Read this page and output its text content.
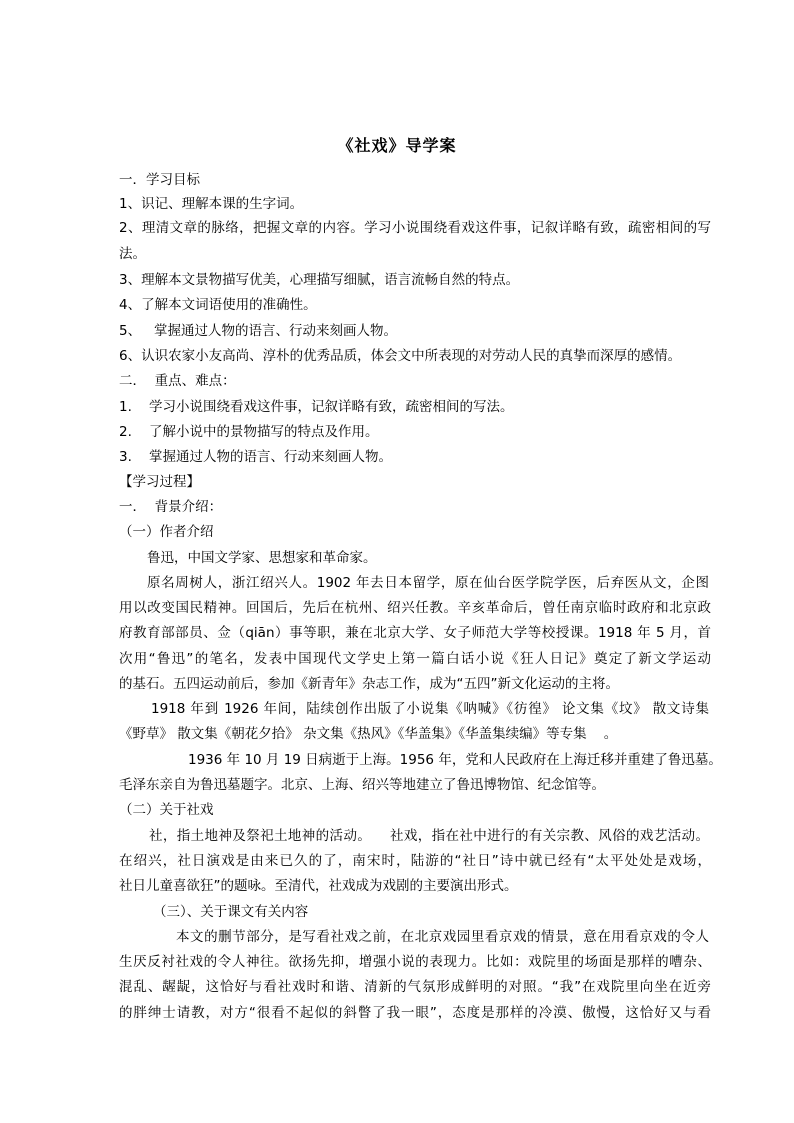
《社戏》导学案
一．学习目标
1、识记、理解本课的生字词。
2、理清文章的脉络，把握文章的内容。学习小说围绕看戏这件事，记叙详略有致，疏密相间的写
法。
3、理解本文景物描写优美，心理描写细腻，语言流畅自然的特点。
4、了解本文词语使用的准确性。
5、   掌握通过人物的语言、行动来刻画人物。
6、认识农家小友高尚、淳朴的优秀品质，体会文中所表现的对劳动人民的真挚而深厚的感情。
二．  重点、难点：
1.    学习小说围绕看戏这件事，记叙详略有致，疏密相间的写法。
2.    了解小说中的景物描写的特点及作用。
3.    掌握通过人物的语言、行动来刻画人物。
【学习过程】
一．  背景介绍：
（一）作者介绍
鲁迅，中国文学家、思想家和革命家。
原名周树人，浙江绍兴人。1902 年去日本留学，原在仙台医学院学医，后弃医从文，企图
用以改变国民精神。回国后，先后在杭州、绍兴任教。辛亥革命后，曾任南京临时政府和北京政
府教育部部员、佥（qiān）事等职，兼在北京大学、女子师范大学等校授课。1918 年 5 月，首
次用“鲁迅”的笔名，发表中国现代文学史上第一篇白话小说《狂人日记》奠定了新文学运动
的基石。五四运动前后，参加《新青年》杂志工作，成为“五四”新文化运动的主将。
1918 年到 1926 年间，陆续创作出版了小说集《呐喊》《彷徨》 论文集《坟》 散文诗集
《野草》 散文集《朝花夕拾》 杂文集《热风》《华盖集》《华盖集续编》等专集    。
1936 年 10 月 19 日病逝于上海。1956 年，党和人民政府在上海迁移并重建了鲁迅墓。
毛泽东亲自为鲁迅墓题字。北京、上海、绍兴等地建立了鲁迅博物馆、纪念馆等。
（二）关于社戏
社，指土地神及祭祀土地神的活动。    社戏，指在社中进行的有关宗教、风俗的戏艺活动。
在绍兴，社日演戏是由来已久的了，南宋时，陆游的“社日”诗中就已经有“太平处处是戏场，
社日儿童喜欲狂”的题咏。至清代，社戏成为戏剧的主要演出形式。
（三）、关于课文有关内容
本文的删节部分，是写看社戏之前，在北京戏园里看京戏的情景，意在用看京戏的令人
生厌反衬社戏的令人神往。欲扬先抑，增强小说的表现力。比如：戏院里的场面是那样的嘈杂、
混乱、龌龊，这恰好与看社戏时和谐、清新的气氛形成鲜明的对照。“我”在戏院里向坐在近旁
的胖绅士请教，对方“很看不起似的斜瞥了我一眼”，态度是那样的冷漠、傲慢，这恰好又与看
